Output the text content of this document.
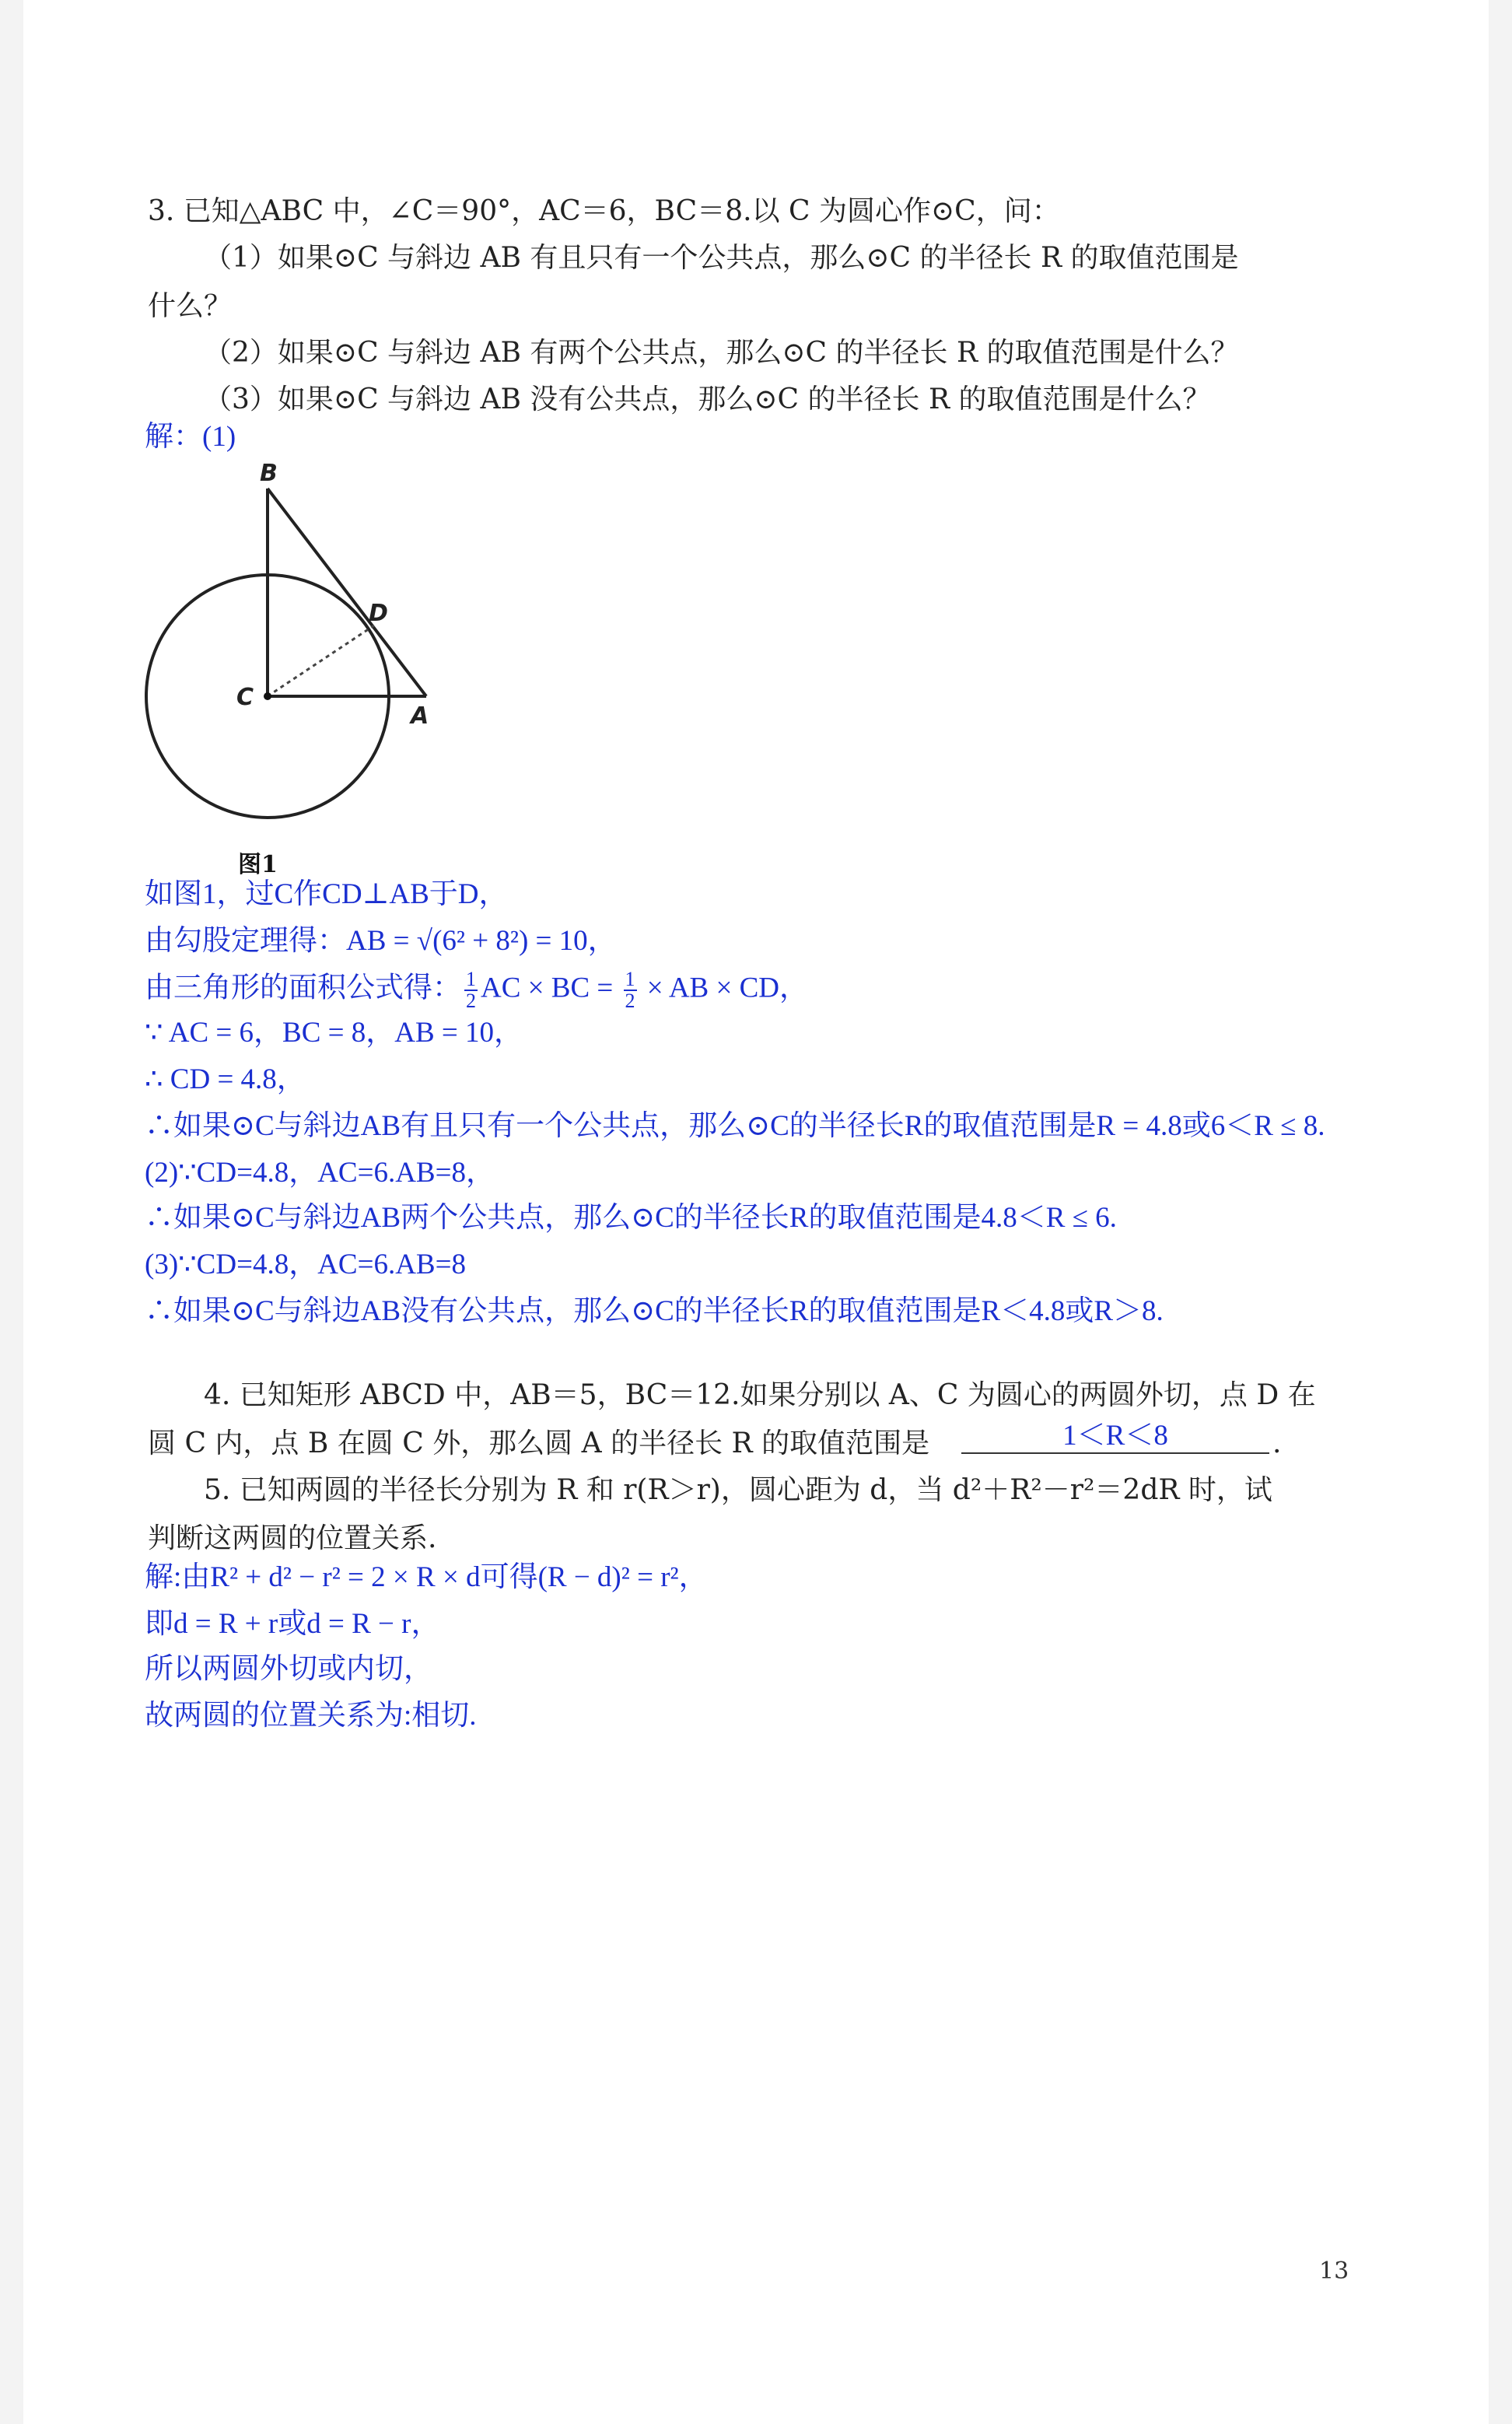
3. 已知△ABC 中，∠C＝90°，AC＝6，BC＝8.以 C 为圆心作⊙C，问：
（1）如果⊙C 与斜边 AB 有且只有一个公共点，那么⊙C 的半径长 R 的取值范围是
什么？
（2）如果⊙C 与斜边 AB 有两个公共点，那么⊙C 的半径长 R 的取值范围是什么？
（3）如果⊙C 与斜边 AB 没有公共点，那么⊙C 的半径长 R 的取值范围是什么？
解：(1)
B
D
C
A
图1
如图1，过C作CD⊥AB于D，
由勾股定理得：AB = √(6² + 8²) = 10，
由三角形的面积公式得： $\frac{1}{2}$ AC × BC = $\frac{1}{2}$ × AB × CD，
∵ AC = 6，BC = 8，AB = 10，
∴ CD = 4.8，
∴如果⊙C与斜边AB有且只有一个公共点，那么⊙C的半径长R的取值范围是R = 4.8或6＜R ≤ 8.
(2)∵CD=4.8，AC=6.AB=8，
∴如果⊙C与斜边AB两个公共点，那么⊙C的半径长R的取值范围是4.8＜R ≤ 6.
(3)∵CD=4.8，AC=6.AB=8
∴如果⊙C与斜边AB没有公共点，那么⊙C的半径长R的取值范围是R＜4.8或R＞8.
4. 已知矩形 ABCD 中，AB＝5，BC＝12.如果分别以 A、C 为圆心的两圆外切，点 D 在
圆 C 内，点 B 在圆 C 外，那么圆 A 的半径长 R 的取值范围是	1＜R＜8	.
5. 已知两圆的半径长分别为 R 和 r(R＞r)，圆心距为 d，当 d²＋R²－r²＝2dR 时，试
判断这两圆的位置关系.
解:由R² + d² − r² = 2 × R × d可得(R − d)² = r²，
即d = R + r或d = R − r，
所以两圆外切或内切，
故两圆的位置关系为:相切.
13
